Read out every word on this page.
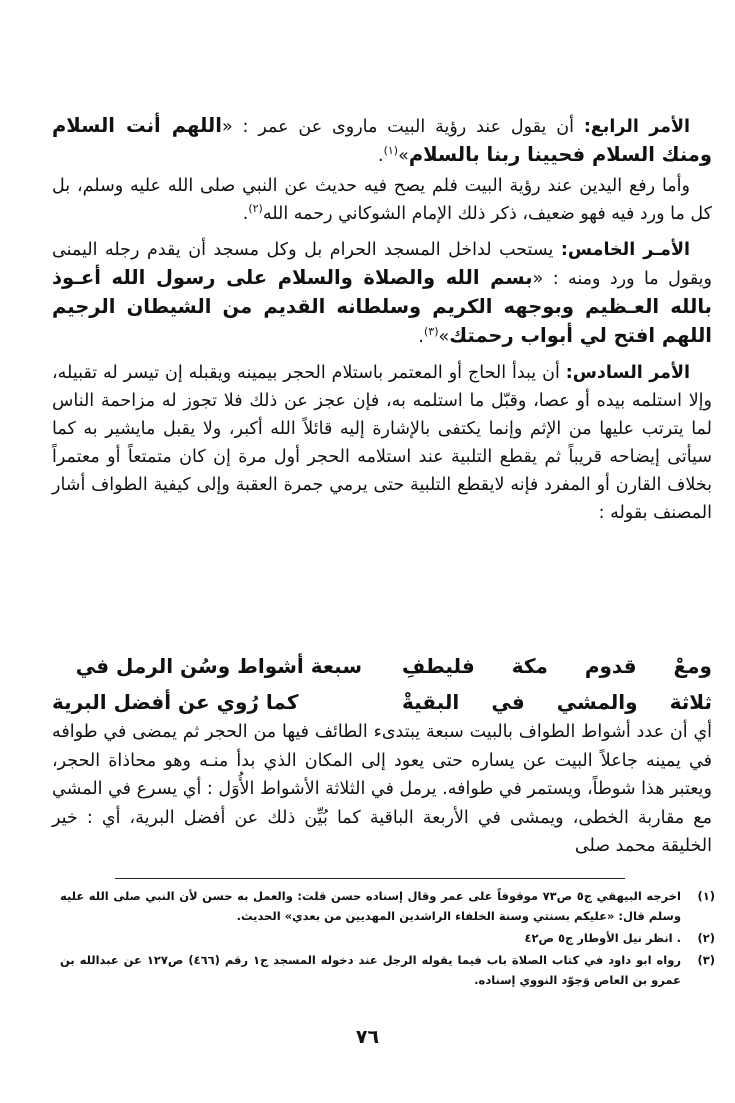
الأمر الرابع: أن يقول عند رؤية البيت ماروى عن عمر : «اللهم أنت السلام ومنك السلام فحيينا ربنا بالسلام»$^{(١)}$.

وأما رفع اليدين عند رؤية البيت فلم يصح فيه حديث عن النبي صلى الله عليه وسلم، بل كل ما ورد فيه فهو ضعيف، ذكر ذلك الإمام الشوكاني رحمه الله$^{(٢)}$.

الأمـر الخامس: يستحب لداخل المسجد الحرام بل وكل مسجد أن يقدم رجله اليمنى ويقول ما ورد ومنه : «بسم الله والصلاة والسلام على رسول الله أعـوذ بالله العـظيم وبوجهه الكريم وسلطانه القديم من الشيطان الرجيم اللهم افتح لي أبواب رحمتك»$^{(٣)}$.

الأمر السادس: أن يبدأ الحاج أو المعتمر باستلام الحجر بيمينه ويقبله إن تيسر له تقبيله، وإلا استلمه بيده أو عصا، وقبّل ما استلمه به، فإن عجز عن ذلك فلا تجوز له مزاحمة الناس لما يترتب عليها من الإثم وإنما يكتفى بالإشارة إليه قائلاً الله أكبر، ولا يقبل مايشير به كما سيأتى إيضاحه قريباً ثم يقطع التلبية عند استلامه الحجر أول مرة إن كان متمتعاً أو معتمراً بخلاف القارن أو المفرد فإنه لايقطع التلبية حتى يرمي جمرة العقبة وإلى كيفية الطواف أشار المصنف بقوله :

ومعْ
قدوم
مكة
فليطفِ
سبعة أشواط وسُن الرمل في
ثلاثة
والمشي
في
البقيةْ
كما رُوي عن أفضل البرية
أي أن عدد أشواط الطواف بالبيت سبعة يبتدىء الطائف فيها من الحجر ثم يمضى في طوافه في يمينه جاعلاً البيت عن يساره حتى يعود إلى المكان الذي بدأ منـه وهو محاذاة الحجر، ويعتبر هذا شوطاً، ويستمر في طوافه. يرمل في الثلاثة الأشواط الأُوَل : أي يسرع في المشي مع مقاربة الخطى، ويمشى في الأربعة الباقية كما بُيِّن ذلك عن أفضل البرية، أي : خير الخليقة محمد صلى
(١)
اخرجه البيهقي ج٥ ص٧٣ موقوفاً على عمر وقال إسناده حسن قلت: والعمل به حسن لأن النبي صلى الله عليه وسلم قال: «عليكم بسنتي وسنة الخلفاء الراشدين المهديين من بعدي» الحديث.
(٢)
. انظر نيل الأوطار ج٥ ص٤٢
(٣)
رواه ابو داود في كتاب الصلاة باب فيما يقوله الرجل عند دخوله المسجد ج١ رقم (٤٦٦) ص١٢٧ عن عبدالله بن عمرو بن العاص وَجوّد النووي إسناده.
٧٦
